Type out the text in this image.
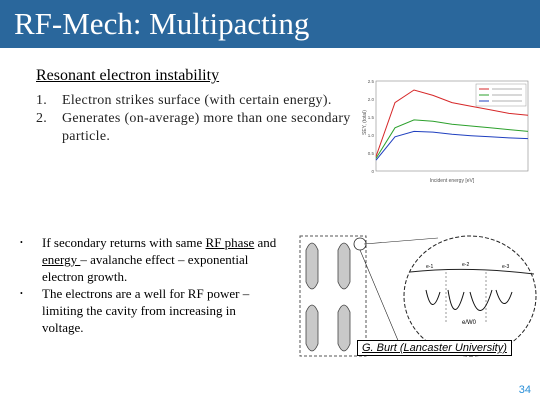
RF-Mech: Multipacting
Resonant electron instability
1.	Electron strikes surface (with certain energy).
2.	Generates (on-average) more than one secondary particle.
•	If secondary returns with same RF phase and energy – avalanche effect – exponential electron growth.
•	The electrons are a well for RF power – limiting the cavity from increasing in voltage.
SEY, (total)
Incident energy [eV]
0
0.5
1.0
1.5
2.0
2.5
e-1	e-2	e-3
e/W0
G. Burt (Lancaster University)
34
